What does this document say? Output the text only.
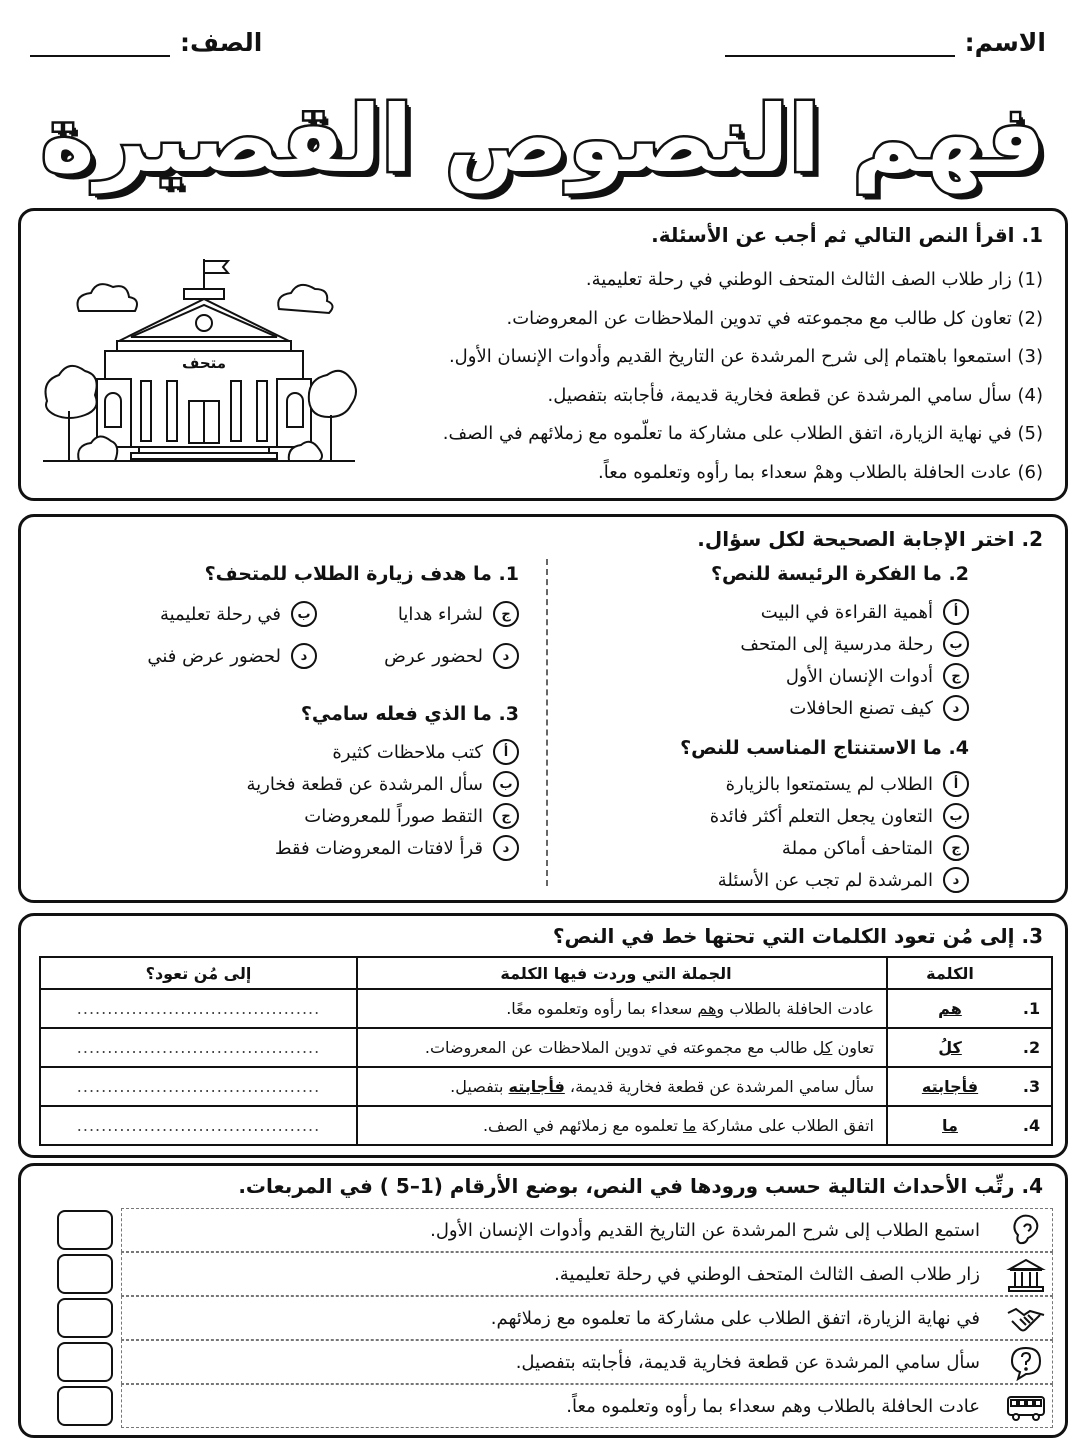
الاسم:
الصف:
فهم النصوص القصيرة
1. اقرأ النص التالي ثم أجب عن الأسئلة.
(1) زار طلاب الصف الثالث المتحف الوطني في رحلة تعليمية.
(2) تعاون كل طالب مع مجموعته في تدوين الملاحظات عن المعروضات.
(3) استمعوا باهتمام إلى شرح المرشدة عن التاريخ القديم وأدوات الإنسان الأول.
(4) سأل سامي المرشدة عن قطعة فخارية قديمة، فأجابته بتفصيل.
(5) في نهاية الزيارة، اتفق الطلاب على مشاركة ما تعلّموه مع زملائهم في الصف.
(6) عادت الحافلة بالطلاب وهمْ سعداء بما رأوه وتعلموه معاً.
متحف
2. اختر الإجابة الصحيحة لكل سؤال.
2. ما الفكرة الرئيسة للنص؟
أ
أهمية القراءة في البيت
ب
رحلة مدرسية إلى المتحف
ج
أدوات الإنسان الأول
د
كيف تصنع الحافلات
4. ما الاستنتاج المناسب للنص؟
أ
الطلاب لم يستمتعوا بالزيارة
ب
التعاون يجعل التعلم أكثر فائدة
ج
المتاحف أماكن مملة
د
المرشدة لم تجب عن الأسئلة
1. ما هدف زيارة الطلاب للمتحف؟
ب
في رحلة تعليمية	ج
لشراء هدايا
د
لحضور عرض فني	د
لحضور عرض
3. ما الذي فعله سامي؟
أ
كتب ملاحظات كثيرة
ب
سأل المرشدة عن قطعة فخارية
ج
التقط صوراً للمعروضات
د
قرأ لافتات المعروضات فقط
3. إلى مُن تعود الكلمات التي تحتها خط في النص؟
	الكلمة	الجملة التي وردت فيها الكلمة	إلى مُن تعود؟
1.	هم	عادت الحافلة بالطلاب وهم سعداء بما رأوه وتعلموه معًا.	........................................
2.	كلُ	تعاون كل طالب مع مجموعته في تدوين الملاحظات عن المعروضات.	........................................
3.	فأجابته	سأل سامي المرشدة عن قطعة فخارية قديمة، فأجابته بتفصيل.	........................................
4.	ما	اتفق الطلاب على مشاركة ما تعلموه مع زملائهم في الصف.	........................................
4. رتِّب الأحداث التالية حسب ورودها في النص، بوضع الأرقام (1–5 ) في المربعات.
استمع الطلاب إلى شرح المرشدة عن التاريخ القديم وأدوات الإنسان الأول.
زار طلاب الصف الثالث المتحف الوطني في رحلة تعليمية.
في نهاية الزيارة، اتفق الطلاب على مشاركة ما تعلموه مع زملائهم.
سأل سامي المرشدة عن قطعة فخارية قديمة، فأجابته بتفصيل.
عادت الحافلة بالطلاب وهم سعداء بما رأوه وتعلموه معاً.
